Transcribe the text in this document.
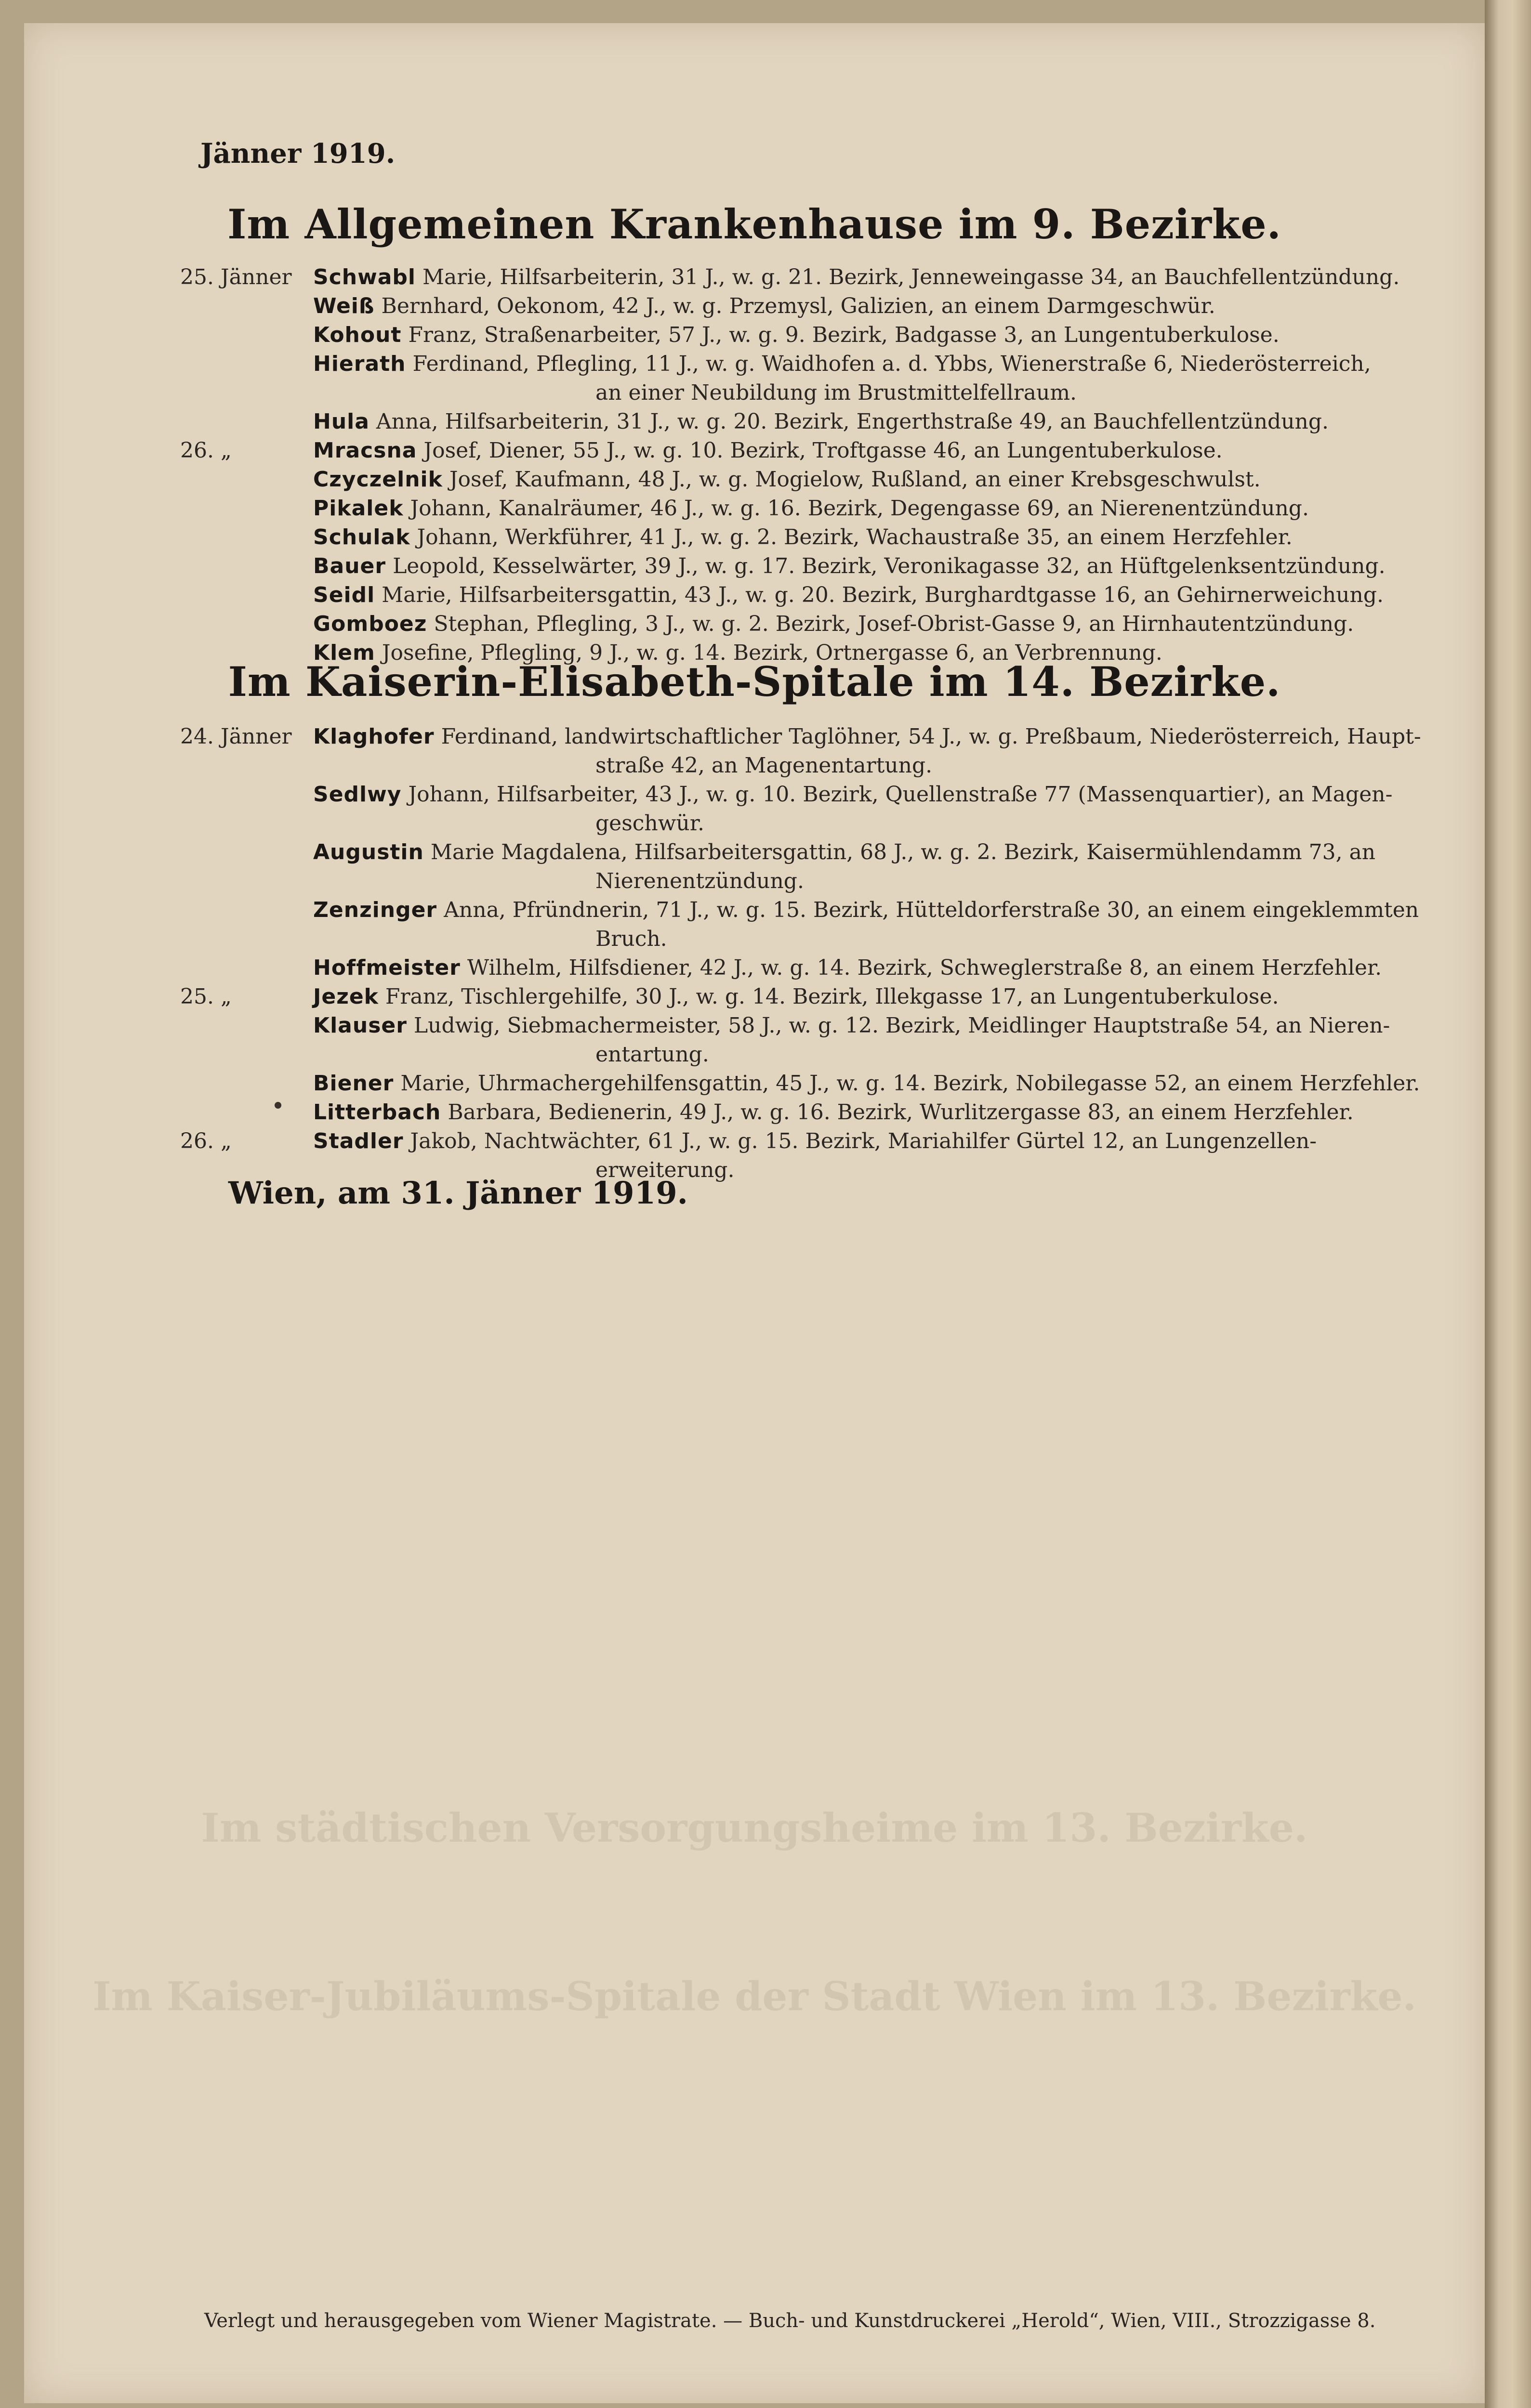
Jänner 1919.

Im Allgemeinen Krankenhause im 9. Bezirke.
25. Jänner	Schwabl Marie, Hilfsarbeiterin, 31 J., w. g. 21. Bezirk, Jenneweingasse 34, an Bauchfellentzündung.
Weiß Bernhard, Oekonom, 42 J., w. g. Przemysl, Galizien, an einem Darmgeschwür.
Kohout Franz, Straßenarbeiter, 57 J., w. g. 9. Bezirk, Badgasse 3, an Lungentuberkulose.
Hierath Ferdinand, Pflegling, 11 J., w. g. Waidhofen a. d. Ybbs, Wienerstraße 6, Niederösterreich,
an einer Neubildung im Brustmittelfellraum.
Hula Anna, Hilfsarbeiterin, 31 J., w. g. 20. Bezirk, Engerthstraße 49, an Bauchfellentzündung.
26. „	Mracsna Josef, Diener, 55 J., w. g. 10. Bezirk, Troftgasse 46, an Lungentuberkulose.
Czyczelnik Josef, Kaufmann, 48 J., w. g. Mogielow, Rußland, an einer Krebsgeschwulst.
Pikalek Johann, Kanalräumer, 46 J., w. g. 16. Bezirk, Degengasse 69, an Nierenentzündung.
Schulak Johann, Werkführer, 41 J., w. g. 2. Bezirk, Wachaustraße 35, an einem Herzfehler.
Bauer Leopold, Kesselwärter, 39 J., w. g. 17. Bezirk, Veronikagasse 32, an Hüftgelenksentzündung.
Seidl Marie, Hilfsarbeitersgattin, 43 J., w. g. 20. Bezirk, Burghardtgasse 16, an Gehirnerweichung.
Gomboez Stephan, Pflegling, 3 J., w. g. 2. Bezirk, Josef-Obrist-Gasse 9, an Hirnhautentzündung.
Klem Josefine, Pflegling, 9 J., w. g. 14. Bezirk, Ortnergasse 6, an Verbrennung.
Im Kaiserin-Elisabeth-Spitale im 14. Bezirke.
24. Jänner	Klaghofer Ferdinand, landwirtschaftlicher Taglöhner, 54 J., w. g. Preßbaum, Niederösterreich, Haupt-
straße 42, an Magenentartung.
Sedlwy Johann, Hilfsarbeiter, 43 J., w. g. 10. Bezirk, Quellenstraße 77 (Massenquartier), an Magen-
geschwür.
Augustin Marie Magdalena, Hilfsarbeitersgattin, 68 J., w. g. 2. Bezirk, Kaisermühlendamm 73, an
Nierenentzündung.
Zenzinger Anna, Pfründnerin, 71 J., w. g. 15. Bezirk, Hütteldorferstraße 30, an einem eingeklemmten
Bruch.
Hoffmeister Wilhelm, Hilfsdiener, 42 J., w. g. 14. Bezirk, Schweglerstraße 8, an einem Herzfehler.
25. „	Jezek Franz, Tischlergehilfe, 30 J., w. g. 14. Bezirk, Illekgasse 17, an Lungentuberkulose.
Klauser Ludwig, Siebmachermeister, 58 J., w. g. 12. Bezirk, Meidlinger Hauptstraße 54, an Nieren-
entartung.
Biener Marie, Uhrmachergehilfensgattin, 45 J., w. g. 14. Bezirk, Nobilegasse 52, an einem Herzfehler.
Litterbach Barbara, Bedienerin, 49 J., w. g. 16. Bezirk, Wurlitzergasse 83, an einem Herzfehler.
26. „	Stadler Jakob, Nachtwächter, 61 J., w. g. 15. Bezirk, Mariahilfer Gürtel 12, an Lungenzellen-
erweiterung.

Wien, am 31. Jänner 1919.

Im städtischen Versorgungsheime im 13. Bezirke.

Im Kaiser-Jubiläums-Spitale der Stadt Wien im 13. Bezirke.

Verlegt und herausgegeben vom Wiener Magistrate. — Buch- und Kunstdruckerei „Herold“, Wien, VIII., Strozzigasse 8.
